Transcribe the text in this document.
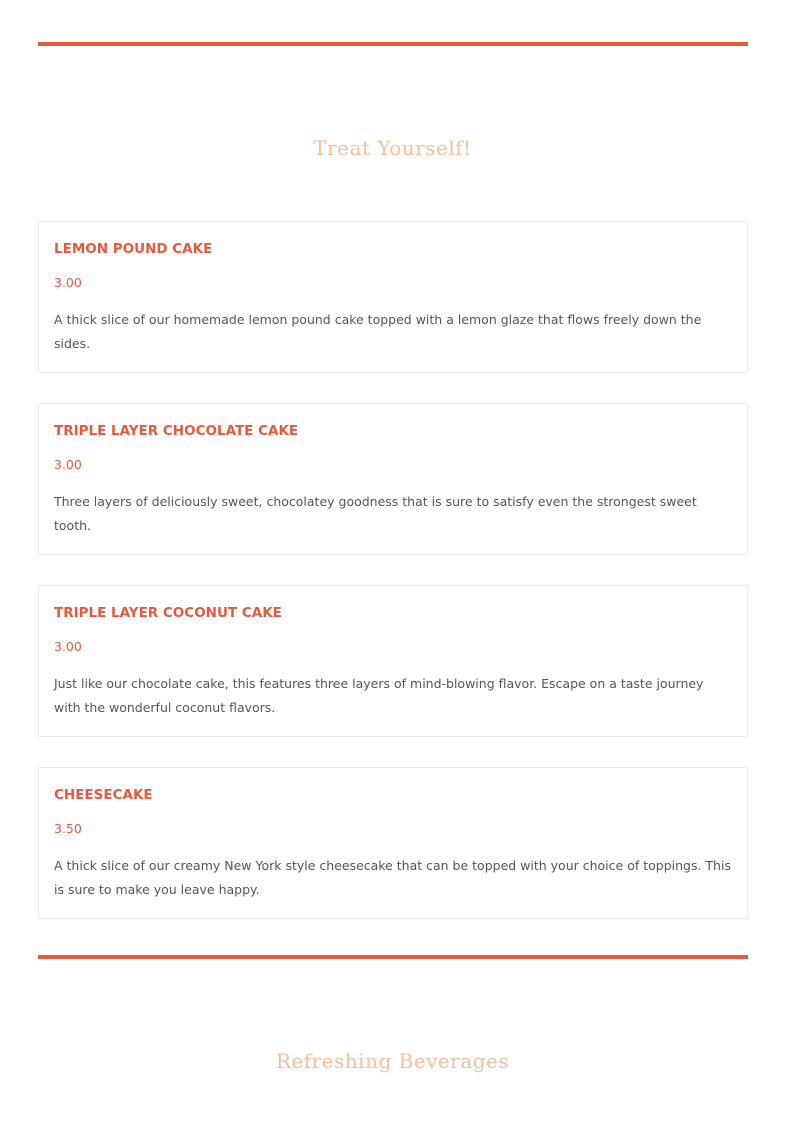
Treat Yourself!
LEMON POUND CAKE

3.00

A thick slice of our homemade lemon pound cake topped with a lemon glaze that flows freely down the sides.

TRIPLE LAYER CHOCOLATE CAKE

3.00

Three layers of deliciously sweet, chocolatey goodness that is sure to satisfy even the strongest sweet tooth.

TRIPLE LAYER COCONUT CAKE

3.00

Just like our chocolate cake, this features three layers of mind-blowing flavor. Escape on a taste journey with the wonderful coconut flavors.

CHEESECAKE

3.50

A thick slice of our creamy New York style cheesecake that can be topped with your choice of toppings. This is sure to make you leave happy.

Refreshing Beverages
